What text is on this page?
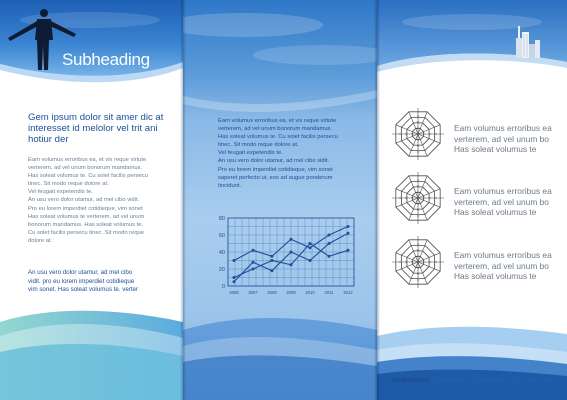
Subheading
Gem ipsum dolor sit amer dic at interesset id melolor vel trit ani hotiur der
Eam volumus erroribus ea, et vix reque virtute
verterem, ad vel unum bonorum mandamus.
Has soleat volumus te. Cu solet facilis persecu
tinec. Sit modo reque dolore at.
Vel feugait expetendis te.
An usu vero dolor utamur, ad mel cibo vidit.
Pro eu lorem imperdiet cotidieque, vim sonet
Has soleat volumus te verterem, ad vel unum
bonorum mandamus. Has soleat volumus te.
Cu solet facilis persecu tinec. Sit modo reque
dolore at.
An usu vero dolor utamur, ad mel cibo
vidit. pro eu lorem imperdiet cotidieque
vim sonet. Has soleat volumus te. verter
Eam volumus erroribus ea, et vix reque virtute
verterem, ad vel unum bonorum mandamus.
Has soleat volumus te. Cu solet facilis persecu
tinec. Sit modo reque dolore at.
Vel feugait expetendis te.
An usu vero dolor utamur, ad mel cibo vidit.
Pro eu lorem imperdiet cotidieque, vim sonet
saperet perfecto ut, eos ad augue ponderum
tincidunt.
80
60
40
20
0
2006 2007 2008 2009 2010 2011 2012
Eam volumus erroribus ea
verterem, ad vel unum bo
Has soleat volumus te
Eam volumus erroribus ea
verterem, ad vel unum bo
Has soleat volumus te
Eam volumus erroribus ea
verterem, ad vel unum bo
Has soleat volumus te
YOURCOMPANY Dolorem inter et ius ibut erroribus ea et vix reque virtute
